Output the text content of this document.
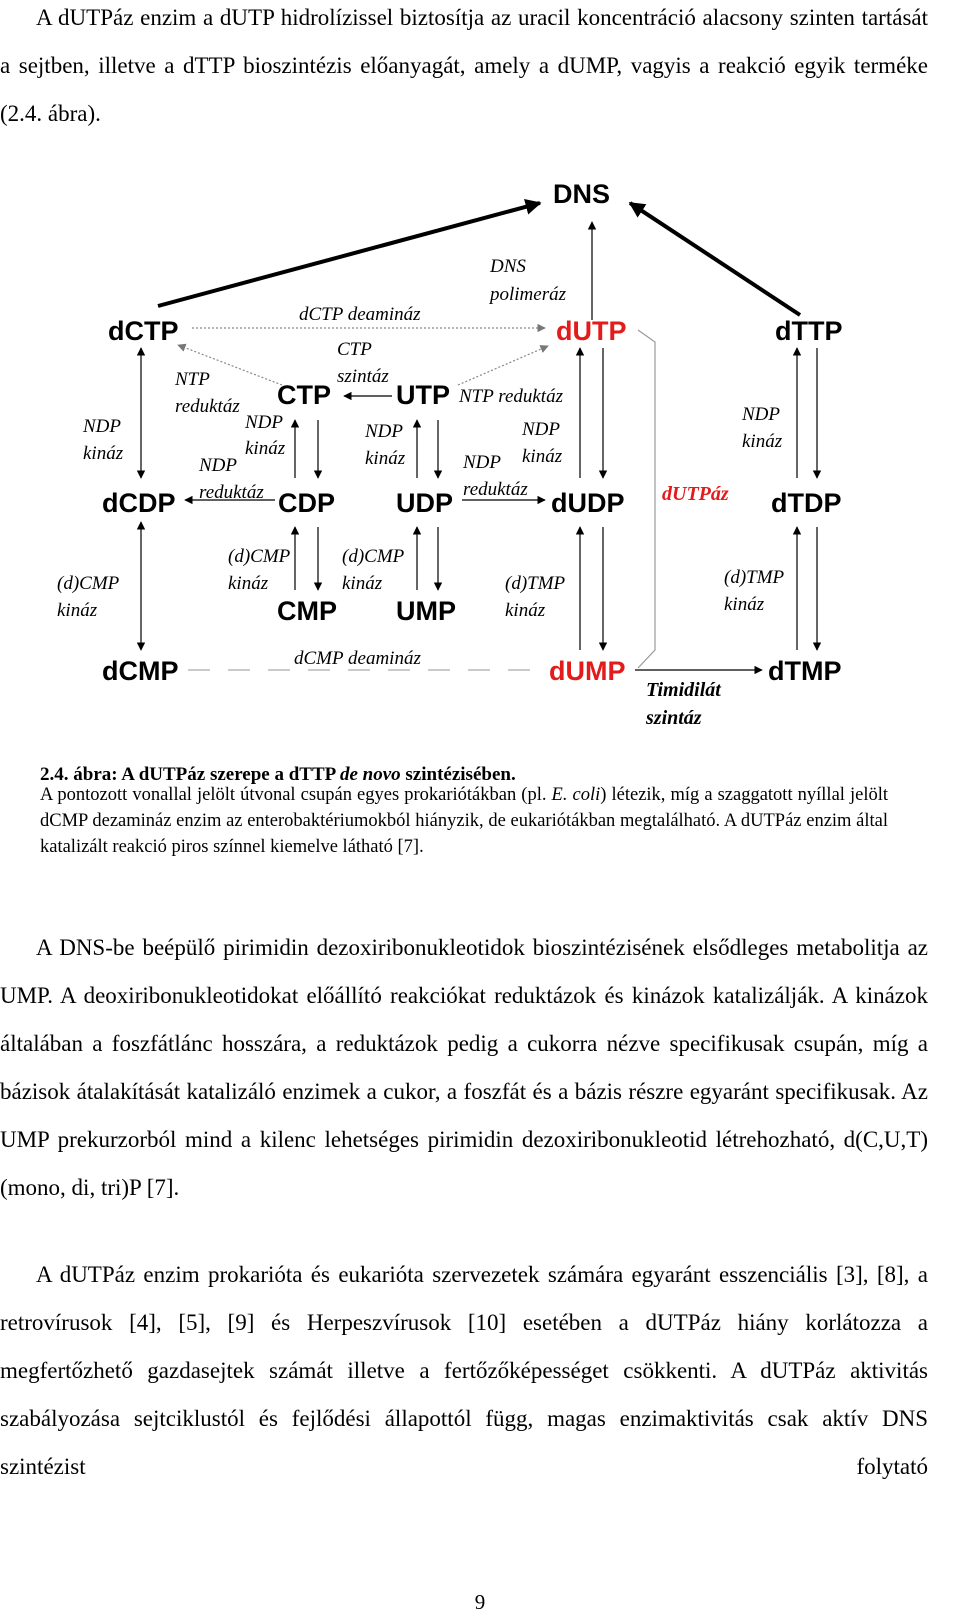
A dUTPáz enzim a dUTP hidrolízissel biztosítja az uracil koncentráció alacsony szinten tartását a sejtben, illetve a dTTP bioszintézis előanyagát, amely a dUMP, vagyis a reakció egyik terméke (2.4. ábra).

DNS
dCTP
dCDP
dCMP
CTP
CDP
CMP
UTP
UDP
UMP
dUTP
dUDP
dUMP
dTTP
dTDP
dTMP
DNS
polimeráz
dCTP deamináz
CTP
szintáz
NTP
reduktáz
NDP
kináz
NDP
kináz
NDP
reduktáz
NDP
kináz
NTP reduktáz
NDP
kináz
NDP
reduktáz
NDP
kináz
dUTPáz
(d)CMP
kináz
(d)CMP
kináz
(d)CMP
kináz	(d)TMP
kináz
(d)TMP
kináz
dCMP deamináz
Timidilát
szintáz

2.4. ábra: A dUTPáz szerepe a dTTP de novo szintézisében.

A pontozott vonallal jelölt útvonal csupán egyes prokariótákban (pl. E. coli) létezik, míg a szaggatott nyíllal jelölt dCMP dezamináz enzim az enterobaktériumokból hiányzik, de eukariótákban megtalálható. A dUTPáz enzim által katalizált reakció piros színnel kiemelve látható [7].

A DNS-be beépülő pirimidin dezoxiribonukleotidok bioszintézisének elsődleges metabolitja az UMP. A deoxiribonukleotidokat előállító reakciókat reduktázok és kinázok katalizálják. A kinázok általában a foszfátlánc hosszára, a reduktázok pedig a cukorra nézve specifikusak csupán, míg a bázisok átalakítását katalizáló enzimek a cukor, a foszfát és a bázis részre egyaránt specifikusak. Az UMP prekurzorból mind a kilenc lehetséges pirimidin dezoxiribonukleotid létrehozható, d(C,U,T) (mono, di, tri)P [7].

A dUTPáz enzim prokarióta és eukarióta szervezetek számára egyaránt esszenciális [3], [8], a retrovírusok [4], [5], [9] és Herpeszvírusok [10] esetében a dUTPáz hiány korlátozza a megfertőzhető gazdasejtek számát illetve a fertőzőképességet csökkenti. A dUTPáz aktivitás szabályozása sejtciklustól és fejlődési állapottól függ, magas enzimaktivitás csak aktív DNS szintézist folytató

9
